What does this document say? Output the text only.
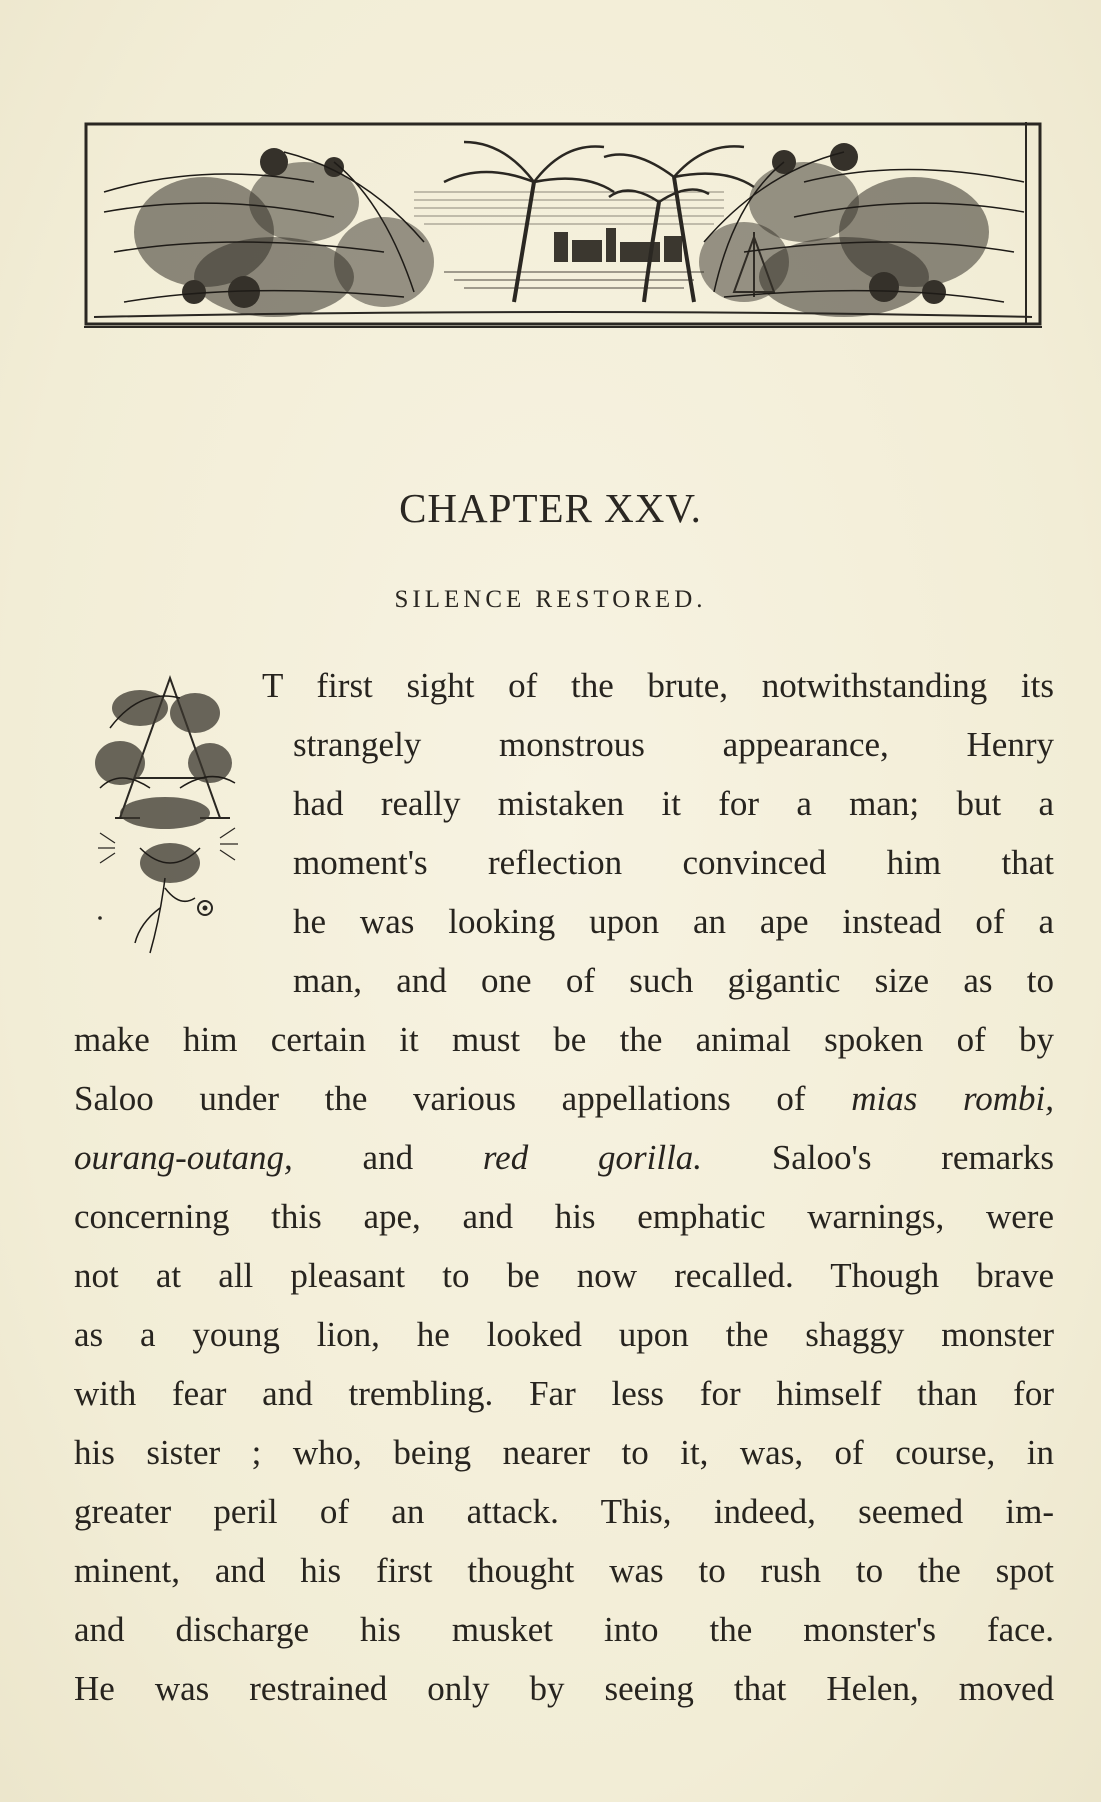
CHAPTER XXV.
SILENCE RESTORED.
T first sight of the brute, notwithstanding its
strangely monstrous appearance, Henry
had really mistaken it for a man; but a
moment's reflection convinced him that
he was looking upon an ape instead of a
man, and one of such gigantic size as to
make him certain it must be the animal spoken of by
Saloo under the various appellations of mias rombi,
ourang-outang, and red gorilla. Saloo's remarks
concerning this ape, and his emphatic warnings, were
not at all pleasant to be now recalled. Though brave
as a young lion, he looked upon the shaggy monster
with fear and trembling. Far less for himself than for
his sister ; who, being nearer to it, was, of course, in
greater peril of an attack. This, indeed, seemed im-
minent, and his first thought was to rush to the spot
and discharge his musket into the monster's face.
He was restrained only by seeing that Helen, moved
